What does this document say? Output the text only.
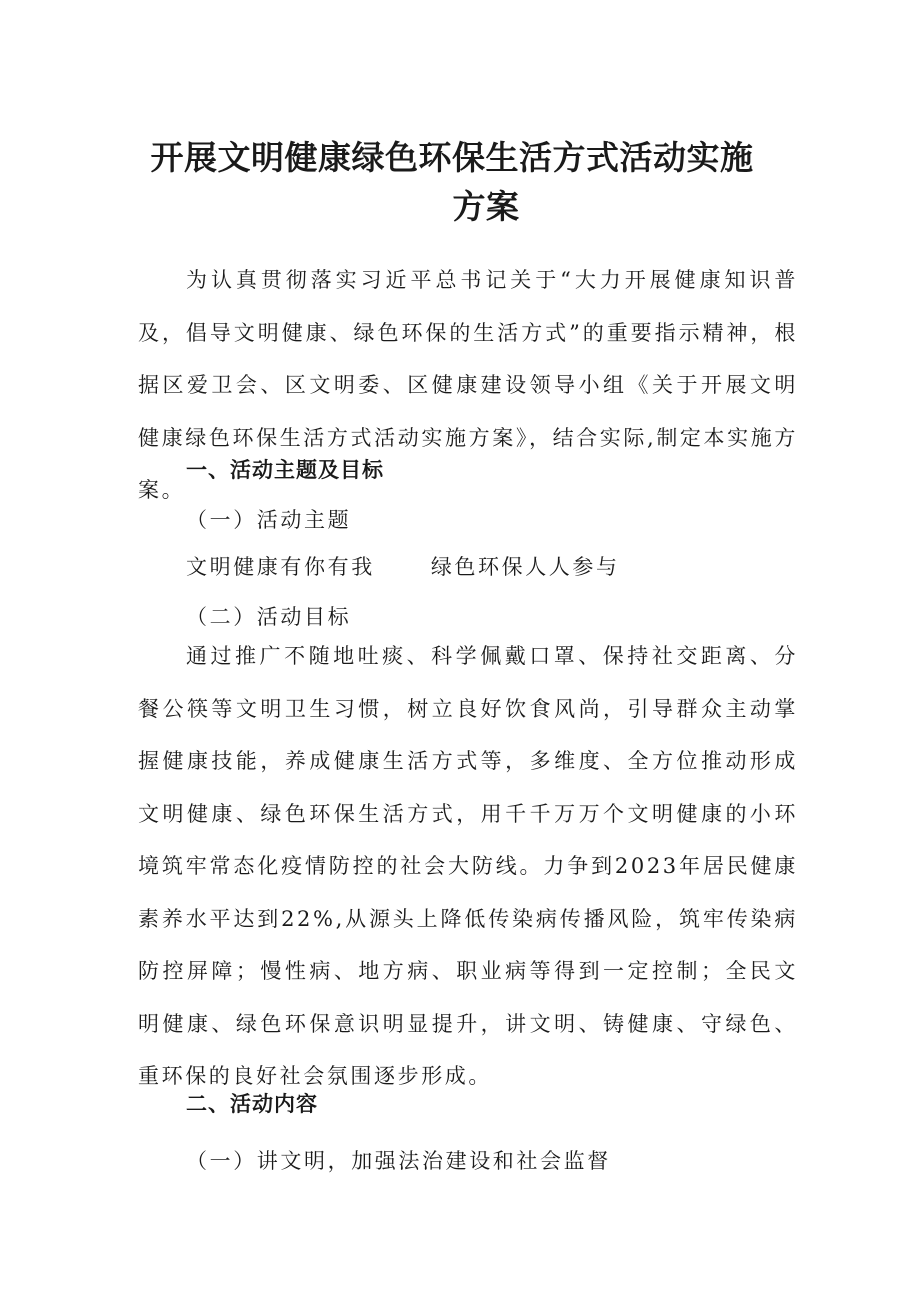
开展文明健康绿色环保生活方式活动实施
方案

为认真贯彻落实习近平总书记关于“大力开展健康知识普及，倡导文明健康、绿色环保的生活方式”的重要指示精神，根据区爱卫会、区文明委、区健康建设领导小组《关于开展文明健康绿色环保生活方式活动实施方案》，结合实际,制定本实施方案。

一、活动主题及目标

（一）活动主题

文明健康有你有我	绿色环保人人参与

（二）活动目标

通过推广不随地吐痰、科学佩戴口罩、保持社交距离、分餐公筷等文明卫生习惯，树立良好饮食风尚，引导群众主动掌握健康技能，养成健康生活方式等，多维度、全方位推动形成文明健康、绿色环保生活方式，用千千万万个文明健康的小环境筑牢常态化疫情防控的社会大防线。力争到2023年居民健康素养水平达到22%,从源头上降低传染病传播风险，筑牢传染病防控屏障；慢性病、地方病、职业病等得到一定控制；全民文明健康、绿色环保意识明显提升，讲文明、铸健康、守绿色、重环保的良好社会氛围逐步形成。

二、活动内容

（一）讲文明，加强法治建设和社会监督
